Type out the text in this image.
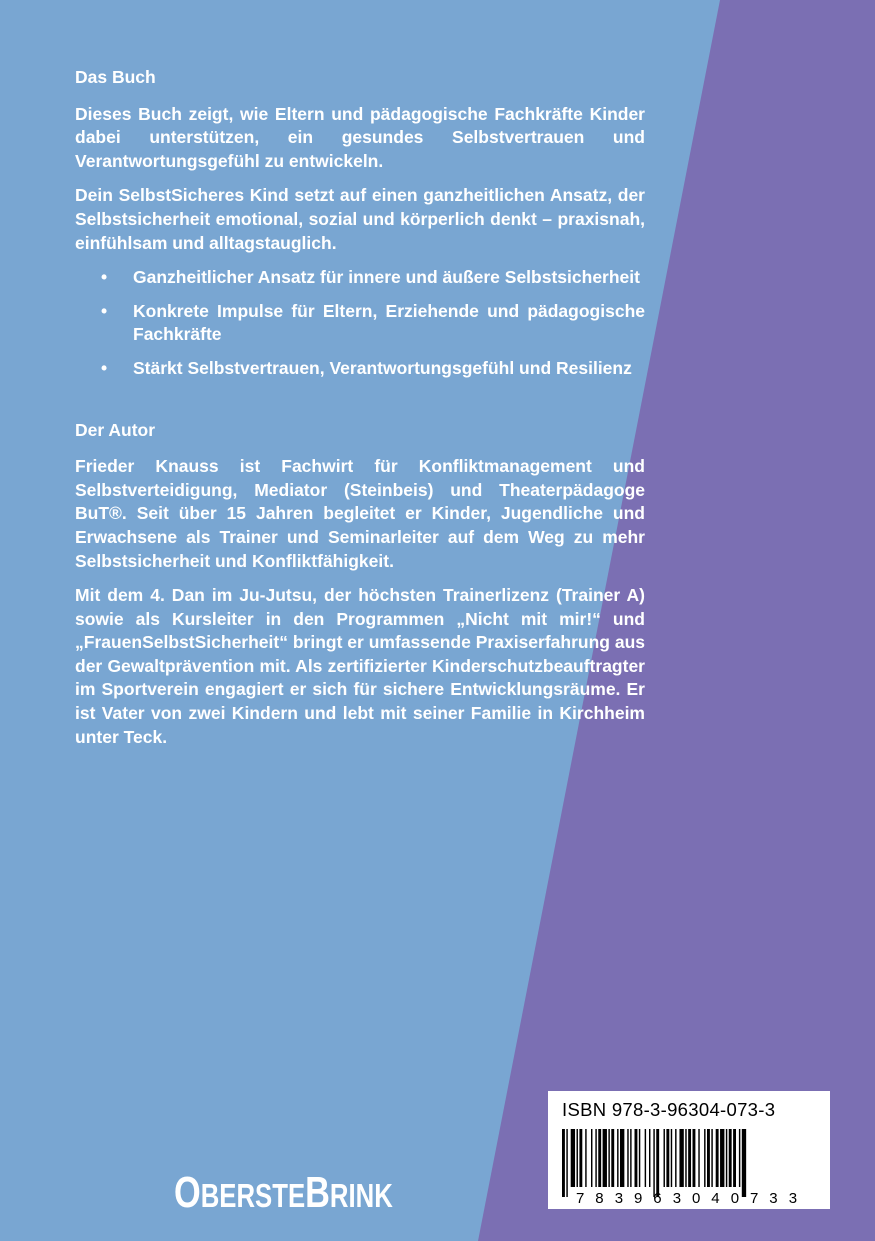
Das Buch

Dieses Buch zeigt, wie Eltern und pädagogische Fachkräfte Kinder dabei unterstützen, ein gesundes Selbstvertrauen und Verantwortungsgefühl zu entwickeln.

Dein SelbstSicheres Kind setzt auf einen ganzheitlichen Ansatz, der Selbstsicherheit emotional, sozial und körperlich denkt – praxisnah, einfühlsam und alltagstauglich.

• Ganzheitlicher Ansatz für innere und äußere Selbstsicherheit
• Konkrete Impulse für Eltern, Erziehende und pädagogische Fachkräfte
• Stärkt Selbstvertrauen, Verantwortungsgefühl und Resilienz
Der Autor

Frieder Knauss ist Fachwirt für Konfliktmanagement und Selbstverteidigung, Mediator (Steinbeis) und Theaterpädagoge BuT®. Seit über 15 Jahren begleitet er Kinder, Jugendliche und Erwachsene als Trainer und Seminarleiter auf dem Weg zu mehr Selbstsicherheit und Konfliktfähigkeit.

Mit dem 4. Dan im Ju-Jutsu, der höchsten Trainerlizenz (Trainer A) sowie als Kursleiter in den Programmen „Nicht mit mir!“ und „FrauenSelbstSicherheit“ bringt er umfassende Praxiserfahrung aus der Gewaltprävention mit. Als zertifizierter Kinderschutzbeauftragter im Sportverein engagiert er sich für sichere Entwicklungsräume. Er ist Vater von zwei Kindern und lebt mit seiner Familie in Kirchheim unter Teck.

OBERSTEBRINK
ISBN 978-3-96304-073-3
7 8 3 9 6 3 0 4 0 7 3 3
